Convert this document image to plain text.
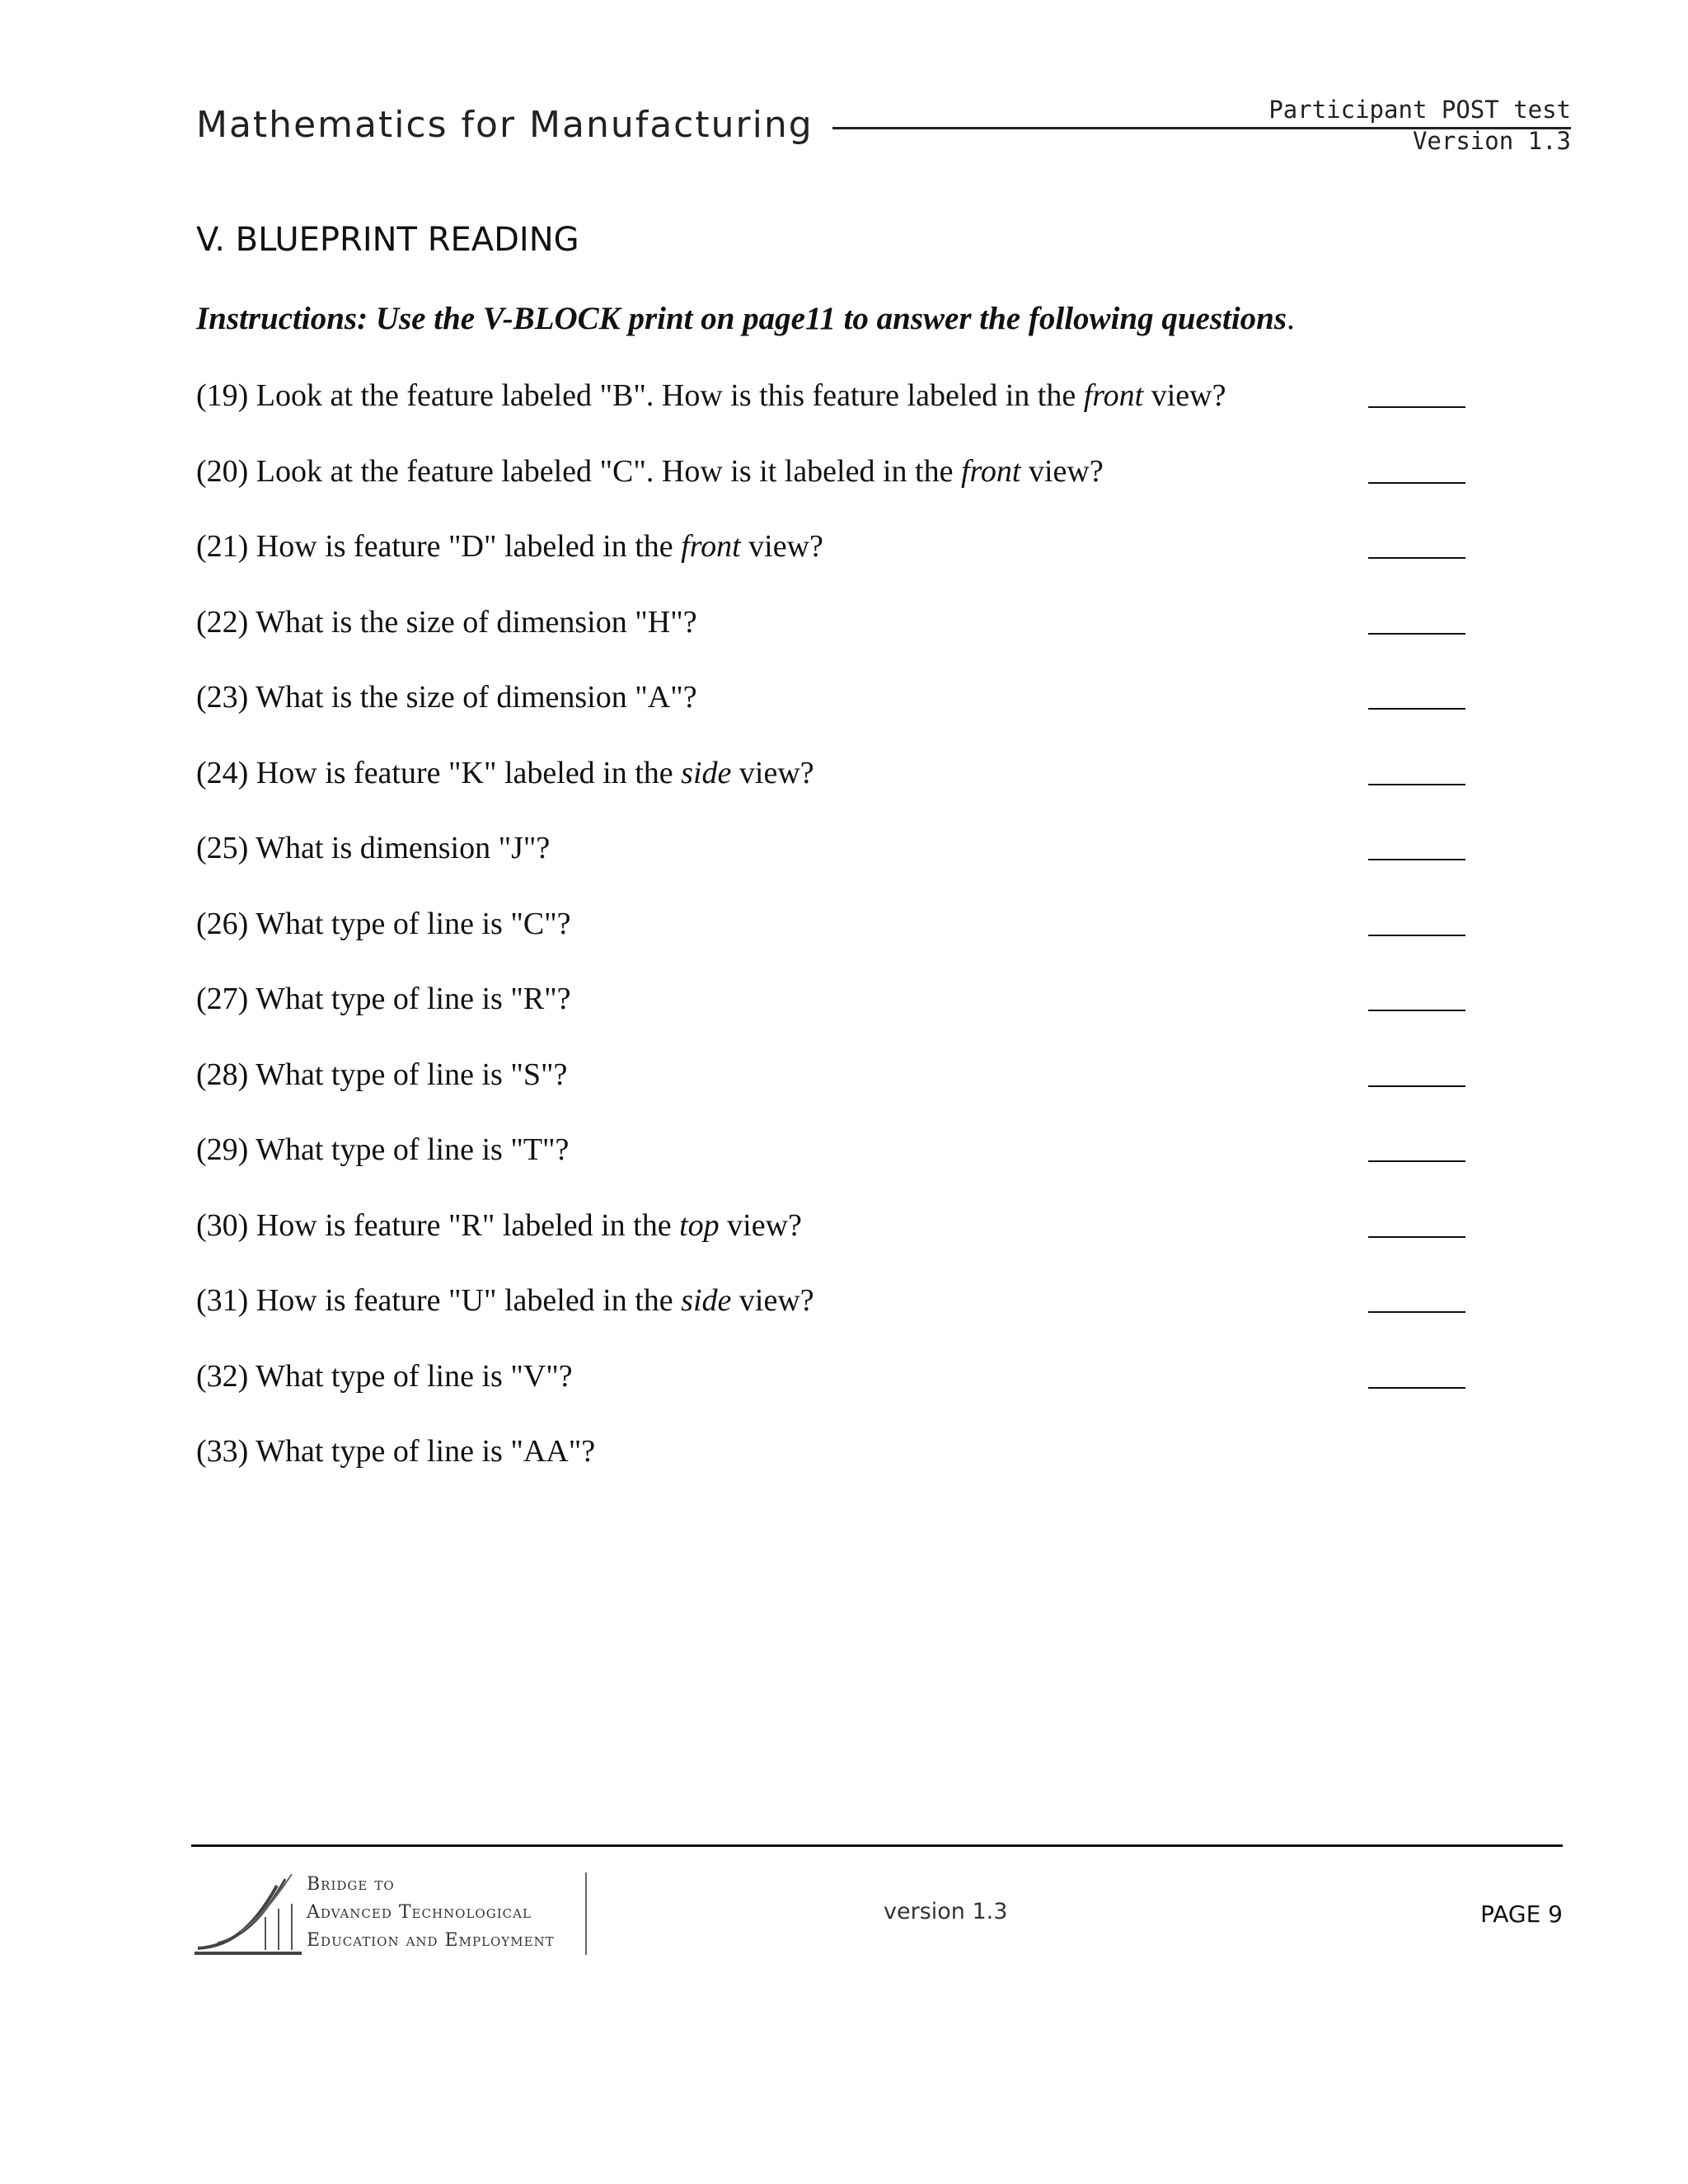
Mathematics for Manufacturing	Participant POST test
Version 1.3
V. BLUEPRINT READING
Instructions: Use the V-BLOCK print on page11 to answer the following questions.
(19) Look at the feature labeled "B". How is this feature labeled in the front view?
(20) Look at the feature labeled "C". How is it labeled in the front view?
(21) How is feature "D" labeled in the front view?
(22) What is the size of dimension "H"?
(23) What is the size of dimension "A"?
(24) How is feature "K" labeled in the side view?
(25) What is dimension "J"?
(26) What type of line is "C"?
(27) What type of line is "R"?
(28) What type of line is "S"?
(29) What type of line is "T"?
(30) How is feature "R" labeled in the top view?
(31) How is feature "U" labeled in the side view?
(32) What type of line is "V"?
(33) What type of line is "AA"?
Bridge to
Advanced Technological
Education and Employment
version 1.3	PAGE 9
